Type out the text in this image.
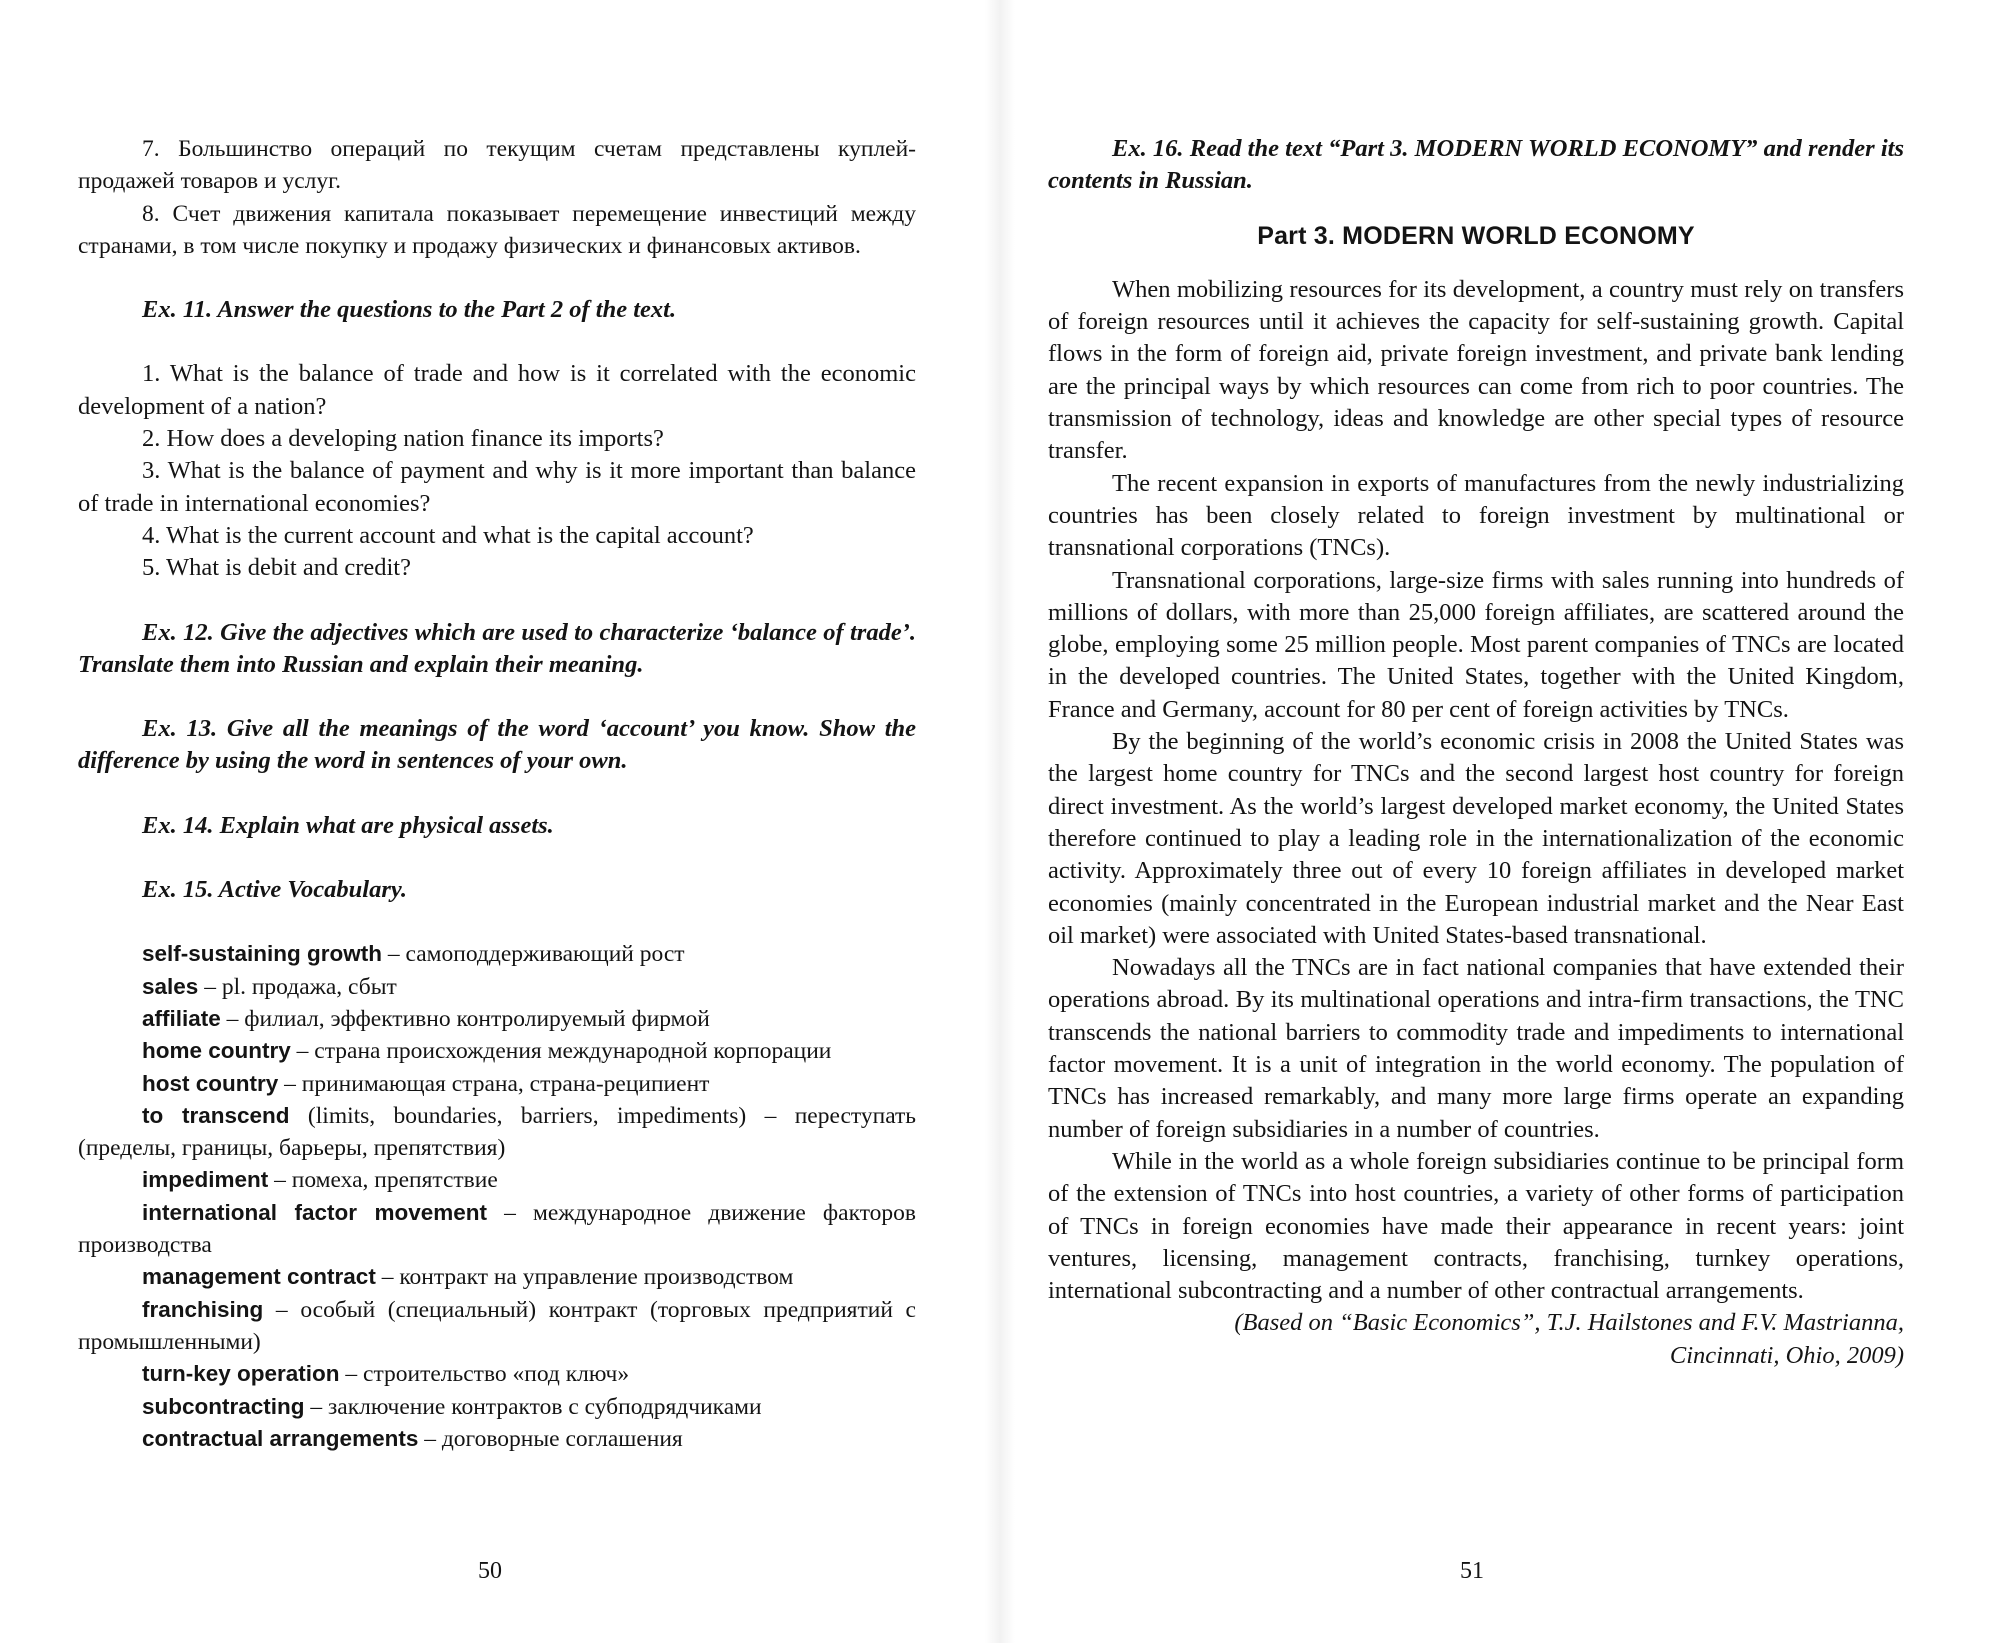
7. Большинство операций по текущим счетам представлены куплей-продажей товаров и услуг.

8. Счет движения капитала показывает перемещение инвестиций между странами, в том числе покупку и продажу физических и финансовых активов.

Ex. 11. Answer the questions to the Part 2 of the text.

1. What is the balance of trade and how is it correlated with the economic development of a nation?

2. How does a developing nation finance its imports?

3. What is the balance of payment and why is it more important than balance of trade in international economies?

4. What is the current account and what is the capital account?

5. What is debit and credit?

Ex. 12. Give the adjectives which are used to characterize ‘balance of trade’. Translate them into Russian and explain their meaning.

Ex. 13. Give all the meanings of the word ‘account’ you know. Show the difference by using the word in sentences of your own.

Ex. 14. Explain what are physical assets.

Ex. 15. Active Vocabulary.

self-sustaining growth – самоподдерживающий рост

sales – pl. продажа, сбыт

affiliate – филиал, эффективно контролируемый фирмой

home country – страна происхождения международной корпорации

host country – принимающая страна, страна-реципиент

to transcend (limits, boundaries, barriers, impediments) – переступать (пределы, границы, барьеры, препятствия)

impediment – помеха, препятствие

international factor movement – международное движение факторов производства

management contract – контракт на управление производством

franchising – особый (специальный) контракт (торговых предприятий с промышленными)

turn-key operation – строительство «под ключ»

subcontracting – заключение контрактов с субподрядчиками

contractual arrangements – договорные соглашения

50

Ex. 16. Read the text “Part 3. MODERN WORLD ECONOMY” and render its contents in Russian.

Part 3. MODERN WORLD ECONOMY

When mobilizing resources for its development, a country must rely on transfers of foreign resources until it achieves the capacity for self-sustaining growth. Capital flows in the form of foreign aid, private foreign investment, and private bank lending are the principal ways by which resources can come from rich to poor countries. The transmission of technology, ideas and knowledge are other special types of resource transfer.

The recent expansion in exports of manufactures from the newly industrializing countries has been closely related to foreign investment by multinational or transnational corporations (TNCs).

Transnational corporations, large-size firms with sales running into hundreds of millions of dollars, with more than 25,000 foreign affiliates, are scattered around the globe, employing some 25 million people. Most parent companies of TNCs are located in the developed countries. The United States, together with the United Kingdom, France and Germany, account for 80 per cent of foreign activities by TNCs.

By the beginning of the world’s economic crisis in 2008 the United States was the largest home country for TNCs and the second largest host country for foreign direct investment. As the world’s largest developed market economy, the United States therefore continued to play a leading role in the internationalization of the economic activity. Approximately three out of every 10 foreign affiliates in developed market economies (mainly concentrated in the European industrial market and the Near East oil market) were associated with United States-based transnational.

Nowadays all the TNCs are in fact national companies that have extended their operations abroad. By its multinational operations and intra-firm transactions, the TNC transcends the national barriers to commodity trade and impediments to international factor movement. It is a unit of integration in the world economy. The population of TNCs has increased remarkably, and many more large firms operate an expanding number of foreign subsidiaries in a number of countries.

While in the world as a whole foreign subsidiaries continue to be principal form of the extension of TNCs into host countries, a variety of other forms of participation of TNCs in foreign economies have made their appearance in recent years: joint ventures, licensing, management contracts, franchising, turnkey operations, international subcontracting and a number of other contractual arrangements.

(Based on “Basic Economics”, T.J. Hailstones and F.V. Mastrianna,

Cincinnati, Ohio, 2009)

51
